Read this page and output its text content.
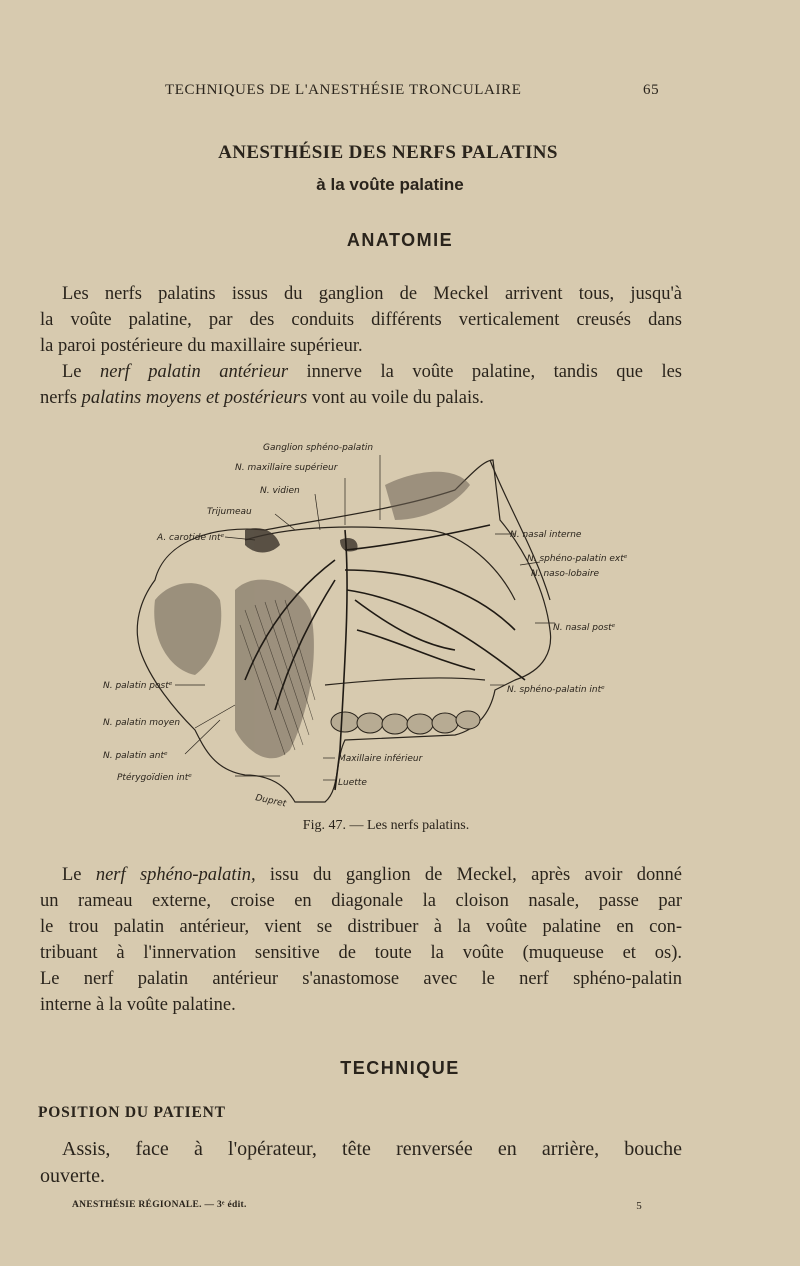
TECHNIQUES DE L'ANESTHÉSIE TRONCULAIRE	65
ANESTHÉSIE DES NERFS PALATINS
à la voûte palatine
ANATOMIE
Les nerfs palatins issus du ganglion de Meckel arrivent tous, jusqu'à
la voûte palatine, par des conduits différents verticalement creusés dans
la paroi postérieure du maxillaire supérieur.
Le nerf palatin antérieur innerve la voûte palatine, tandis que les
nerfs palatins moyens et postérieurs vont au voile du palais.
Ganglion sphéno-palatin
N. maxillaire supérieur
N. vidien
Trijumeau
A. carotide intᵉ	N. nasal interne
N. sphéno-palatin extᵉ
N. naso-lobaire
N. nasal postᵉ
N. palatin postᵉ	N. sphéno-palatin intᵉ
N. palatin moyen
N. palatin antᵉ	Maxillaire inférieur
Ptérygoïdien intᵉ	Luette
Dupret
Fig. 47. — Les nerfs palatins.
Le nerf sphéno-palatin, issu du ganglion de Meckel, après avoir donné
un rameau externe, croise en diagonale la cloison nasale, passe par
le trou palatin antérieur, vient se distribuer à la voûte palatine en con-
tribuant à l'innervation sensitive de toute la voûte (muqueuse et os).
Le nerf palatin antérieur s'anastomose avec le nerf sphéno-palatin
interne à la voûte palatine.
TECHNIQUE
POSITION DU PATIENT
Assis, face à l'opérateur, tête renversée en arrière, bouche
ouverte.
ANESTHÉSIE RÉGIONALE. — 3ᵉ édit.	5
